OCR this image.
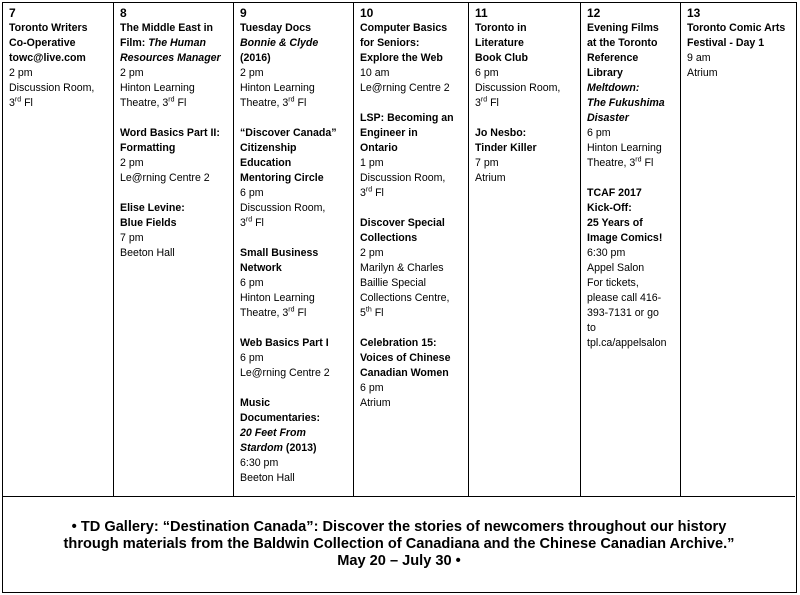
7
Toronto Writers
Co-Operative
towc@live.com
2 pm
Discussion Room,
3rd Fl
8
The Middle East in
Film: The Human
Resources Manager
2 pm
Hinton Learning
Theatre, 3rd Fl
Word Basics Part II:
Formatting
2 pm
Le@rning Centre 2
Elise Levine:
Blue Fields
7 pm
Beeton Hall
9
Tuesday Docs
Bonnie & Clyde
(2016)
2 pm
Hinton Learning
Theatre, 3rd Fl
“Discover Canada”
Citizenship
Education
Mentoring Circle
6 pm
Discussion Room,
3rd Fl
Small Business
Network
6 pm
Hinton Learning
Theatre, 3rd Fl
Web Basics Part I
6 pm
Le@rning Centre 2
Music
Documentaries:
20 Feet From
Stardom (2013)
6:30 pm
Beeton Hall
10
Computer Basics
for Seniors:
Explore the Web
10 am
Le@rning Centre 2
LSP: Becoming an
Engineer in
Ontario
1 pm
Discussion Room,
3rd Fl
Discover Special
Collections
2 pm
Marilyn & Charles
Baillie Special
Collections Centre,
5th Fl
Celebration 15:
Voices of Chinese
Canadian Women
6 pm
Atrium
11
Toronto in
Literature
Book Club
6 pm
Discussion Room,
3rd Fl
Jo Nesbo:
Tinder Killer
7 pm
Atrium
12
Evening Films
at the Toronto
Reference
Library
Meltdown:
The Fukushima
Disaster
6 pm
Hinton Learning
Theatre, 3rd Fl
TCAF 2017
Kick-Off:
25 Years of
Image Comics!
6:30 pm
Appel Salon
For tickets,
please call 416-
393-7131 or go
to
tpl.ca/appelsalon
13
Toronto Comic Arts
Festival - Day 1
9 am
Atrium
• TD Gallery: “Destination Canada”: Discover the stories of newcomers throughout our history
through materials from the Baldwin Collection of Canadiana and the Chinese Canadian Archive.”
May 20 – July 30 •
